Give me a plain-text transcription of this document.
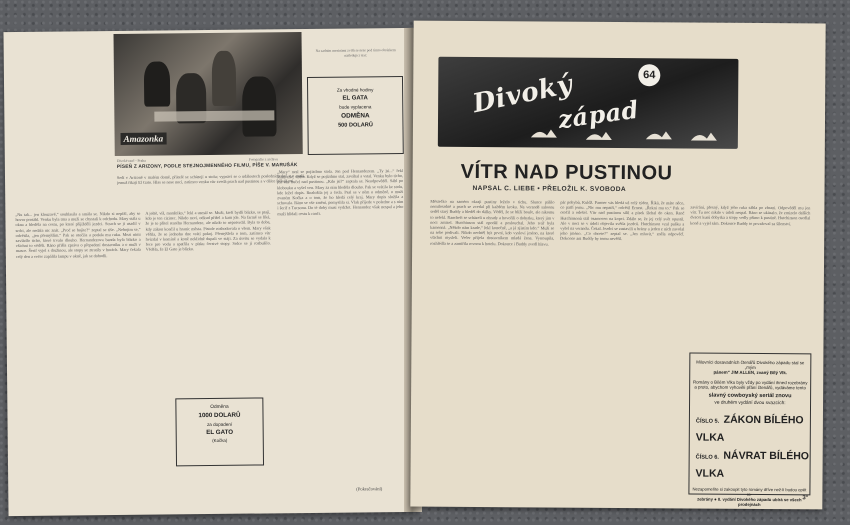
Amazonka
Divoké ranč - Praha	Fotografie z archivu
PÍSEŇ Z ARIZONY, PODLE STEJNOJMENNÉHO FILMU, PÍŠE V. MARUŠÁK
Na zadním mezinámí zvířů se nese pod tímto obrázkem následující text:
Za vhodné hodiny
EL GATA
bude vyplacena
ODMĚNA
500 DOLARŮ
Sedí v Arizoně v malém domě, přátelé se scházejí u stolu; vypráví se o událostech posledních dnů a o muži, jemuž říkají El Gato. Hlas se nese nocí, zatímco venku vítr zvedá prach nad pustinou a v dálce štěkají psi.
„Nu tak... jen klouzavě,“ souhlasila a smála se. Nikdo si nepřál, aby se hovor protáhl. Venku byla tma a muži se chystali k odchodu. Mary stála u okna a hleděla na cestu, po které přijížděli jezdci. Strach se jí usadil v srdci, ale nedala nic znát. „Proč se bojíte?“ zeptal se tiše. „Nebojím se,“ odvětila, „jen přemýšlím.“ Pak se otočila a podala mu ruku. Mezi nimi zavládlo ticho, které trvalo dlouho. Hernandezova banda byla blízko a všichni to věděli. Ráno přišla zpráva o přepadení dostavníku a o muži v masce. Šerif vyjel s družinou, ale stopy se ztratily v horách. Mary čekala celý den a večer zapálila lampu v okně, jak se dohodli.
A ještě, víš, manželko,“ řekl a usmál se. Muži, kteří bydlí blízko, se ptají, kdo je ten cizinec. Nikdo neví, odkud přišel a kam jde. Na farmě se říká, že je to přítel starého Hernandeze, ale nikdo to nepotvrdil. Byla to doba, kdy zákon končil u hranic města. Pistole rozhodovala o všem. Mary však věřila, že se jednoho dne vrátí pokoj. Přemýšlela o tom, zatímco vítr hvízdal v komíně a koně neklidně dupali ve stáji. Za úsvitu se vydala k řece pro vodu a spatřila v písku čerstvé stopy. Srdce se jí rozbušilo. Věděla, že El Gato je blízko.
Odměna
1000 DOLARŮ
za dopadení
EL GATO
(Kočka)
„Mary“ nesl se pojízdmo stola. Jen pod Hernandezem. „Ty jsi...“ řekl Mary tiše, vzdor. Když se pojízdmo stal, zaváhal a vstal. Venku bylo ticho, jen vítr hučel nad pustinou. „Kdo jsi?“ zeptala se. Neodpověděl. Sáhl po klobouku a vyšel ven. Mary za ním hleděla dlouho. Pak se vrátila ke stolu, kde ležel dopis. Rozložila jej a četla. Psal se v něm o odměně, o muži zvaném Kočka a o tom, že ho hledá celý kraj. Mary dopis složila a schovala. Ráno se vše změní, pomyslila si. Vlak přijede v poledne a s ním i šerif z Tucsonu. Do té doby musí vydržet. Hernandez však nespal a jeho muži hlídali cestu k ranči.
(Pokračování)
Divoký
západ
64
VÍTR NAD PUSTINOU
NAPSAL C. LIEBE • PŘELOŽIL K. SVOBODA
Městečko na samém okraji pustiny leželo v tichu. Slunce pálilo nemilosrdně a prach se zvedal při každém kroku. Na verandě saloonu seděl starý Buddy a hleděl do dálky. Věděl, že se blíží bouře, ale nikomu to neřekl. Rancheři se scházeli u ohrady a hovořili o dobytku, který jim v noci zmizel. Hutchinson stál opodál a poslouchal. Jeho tvář byla kamenná. „Někdo nám krade,“ řekl konečně, „a já zjistím kdo.“ Muži se na sebe podívali. Nikdo nechtěl být první, kdo vysloví jméno, na které všichni mysleli. Večer přijela dostavníkem mladá žena. Vystoupila, rozhlédla se a zamířila rovnou k hotelu. Dokonce i Buddy zvedl hlavu.
pár pohybů, Kuldž. Parmer vás hledá už celý týden. Říká, že máte něco, co patří jemu. „Nic mu nepatří,“ odvětil Ernest. „Řekni mu to.“ Pak se otočil a odešel. Vítr nad pustinou sílil a písek šlehal do oken. Ranč Hutchinsonů stál osamocen na kopci. Zdálo se, že jej celý svět opustil. Ale v noci se v údolí objevila světla jezdců. Hutchinson vzal pušku a vyšel na verandu. Čekal. Jezdci se zastavili u brány a jeden z nich zavolal jeho jméno. „Co chcete?“ zeptal se. „Jen mluvit,“ zněla odpověď. Dokonce ani Buddy by tomu nevěřil.
zavírání, přesný, když jeho ruka sáhla po zbrani. Odpověděl mu jen vítr. Tu noc nikdo v údolí nespal. Ráno se ukázalo, že zmizelo dalších dvacet kusů dobytka a stopy vedly přímo k pustině. Hutchinson osedlal koně a vyjel sám. Dokonce Buddy to považoval za šílenství.
Milovníci dosavadních čtenářů Divokého západu stal se „mým
pánem“ JIM ALLEN, zvaný Bílý Vlk.
Romány o Bílém Vlku byly vždy po vydání ihned rozebrány
a proto, abychom vyhověli přání čtenářů, vydáváme tento
slavný cowboyský seriál znovu
ve druhém vydání dvou svazcích:
ČÍSLO 5. ZÁKON BÍLÉHO VLKA
ČÍSLO 6. NÁVRAT BÍLÉHO VLKA
Nezapomeňte si zakoupit tyto romány dříve než-li budou opět ro-
zebrány ● II. vydání Divokého západu ubírá se všech prodejnách
3°
